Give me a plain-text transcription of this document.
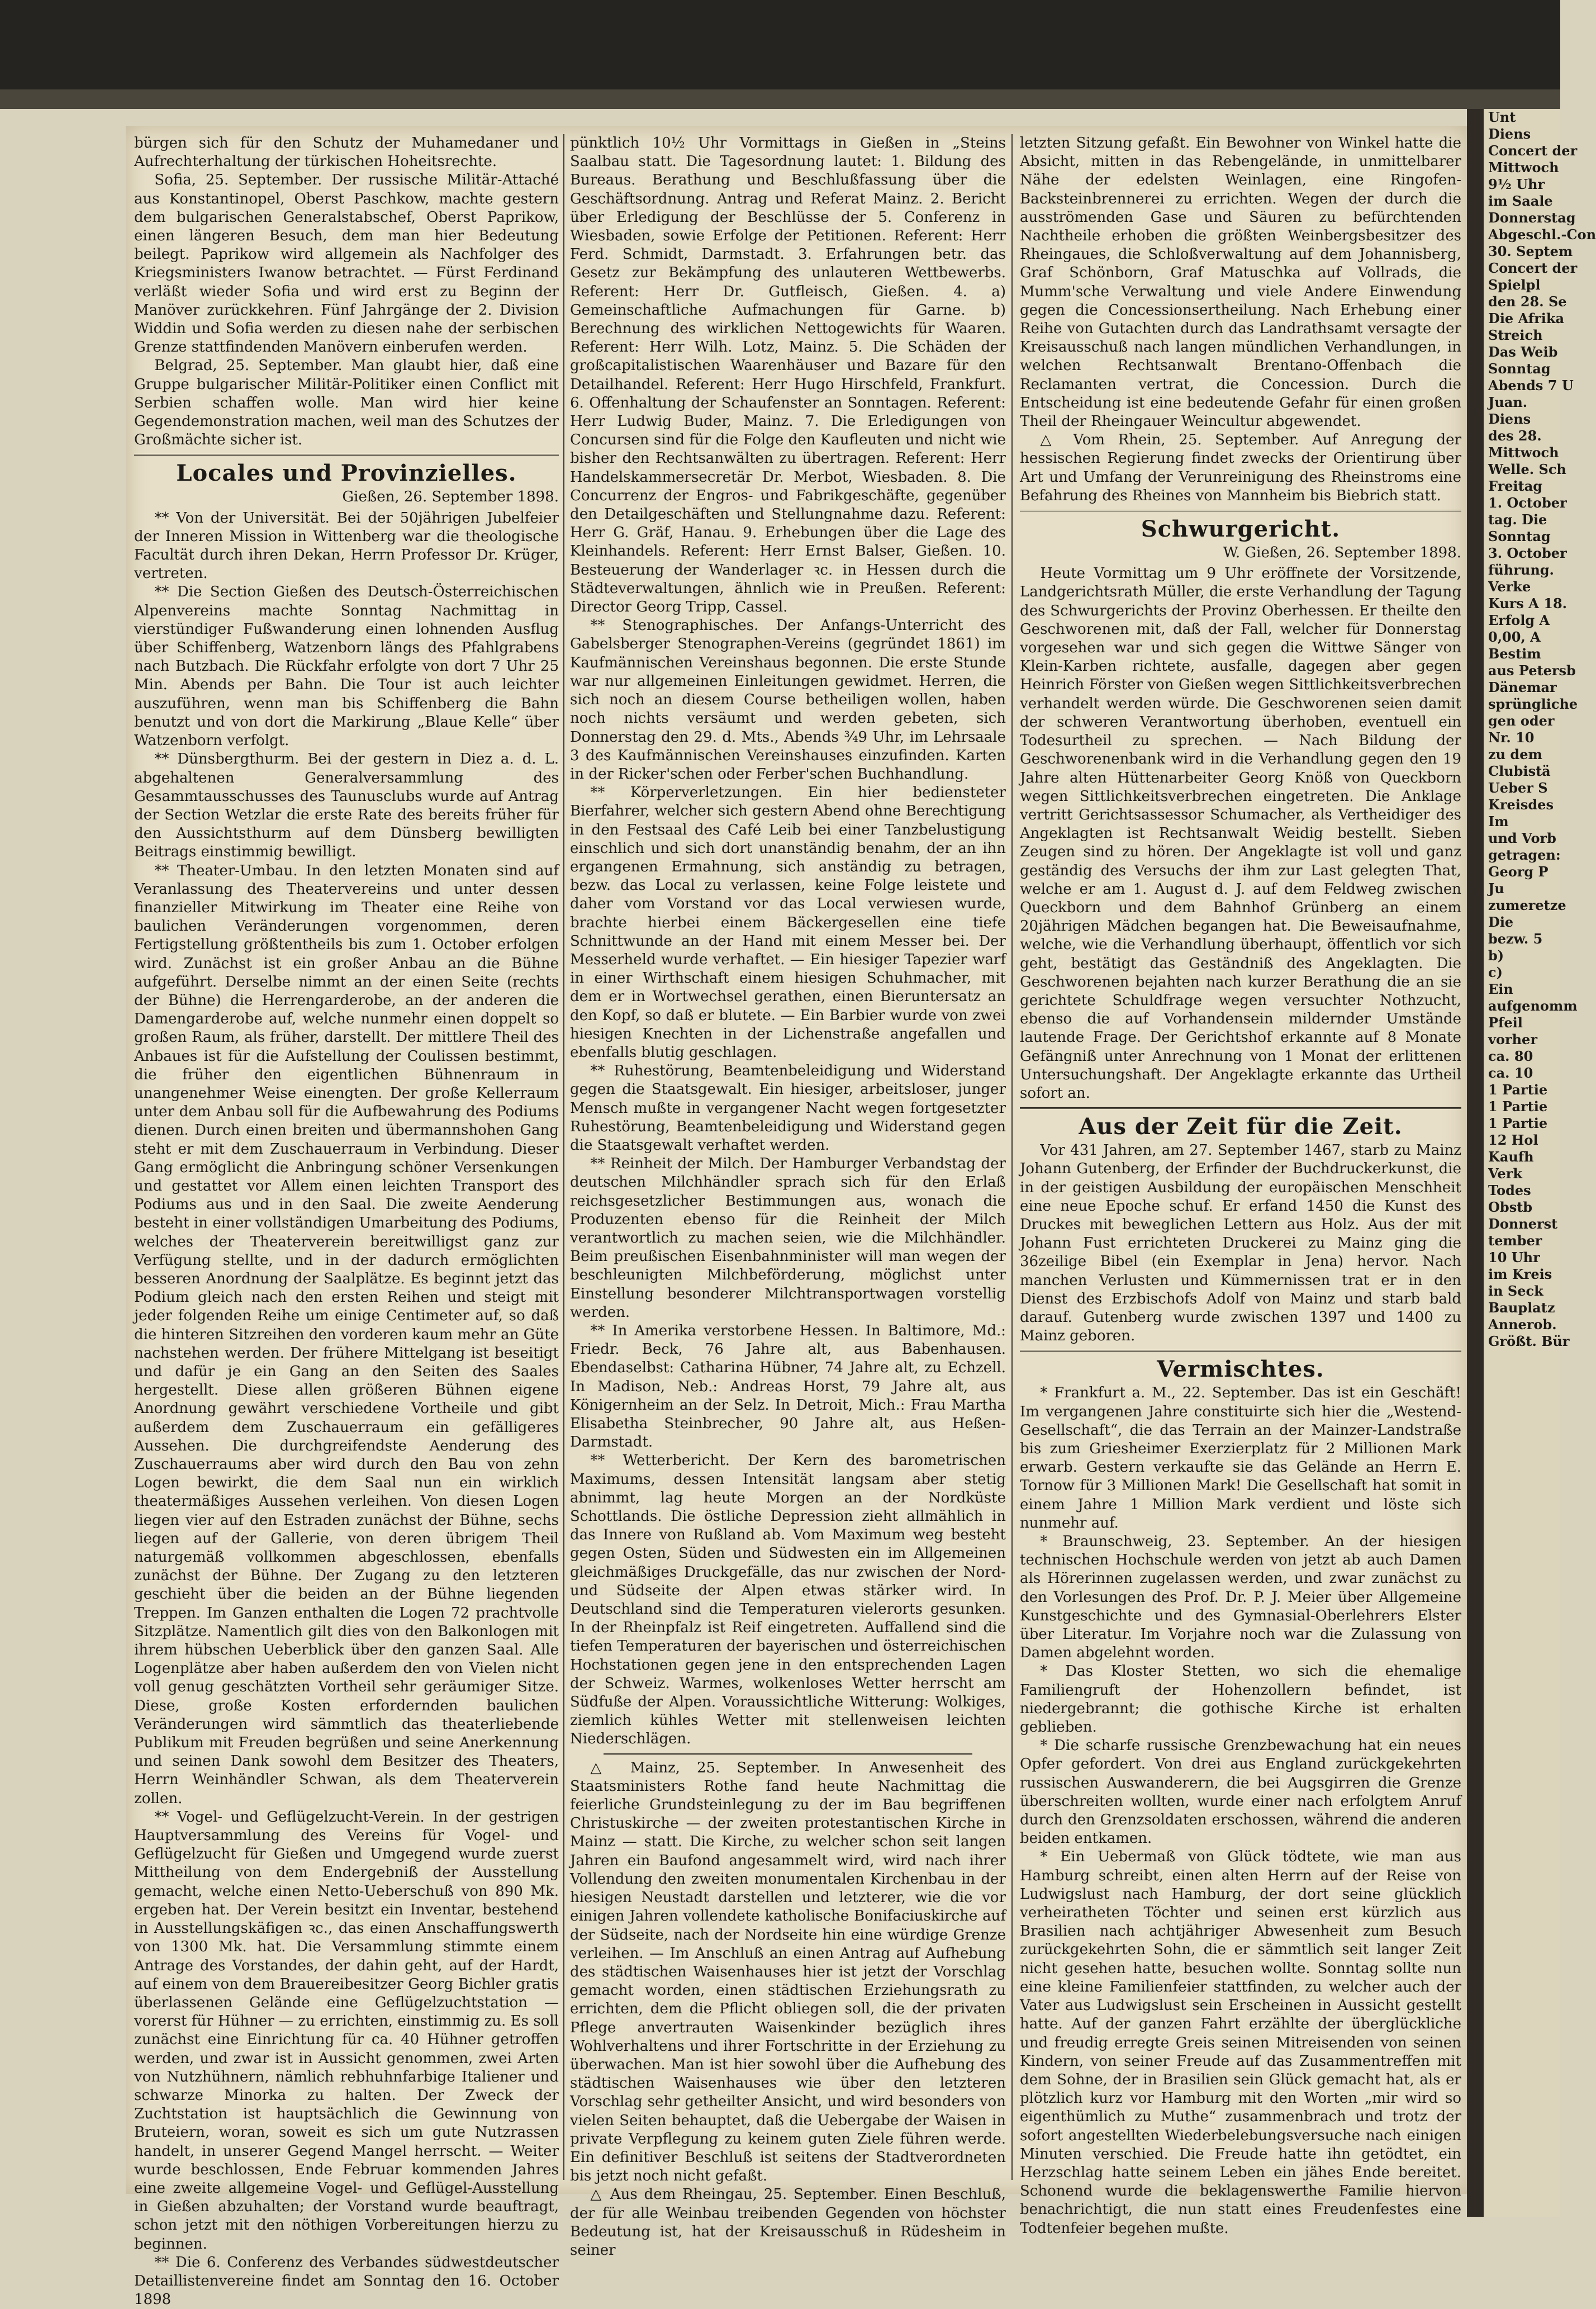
Unt
Diens
Concert der
Mittwoch
9½ Uhr
im Saale
Donnerstag
Abgeschl.-Con
30. Septem
Concert der
Spielpl
den 28. Se
Die Afrika
Streich
Das Weib
Sonntag
Abends 7 U
Juan.
Diens
des 28.
Mittwoch
Welle. Sch
Freitag
1. October
tag. Die
Sonntag
3. October
führung.
Verke
Kurs A 18.
Erfolg A
0,00, A
Bestim
aus Petersb
Dänemar
sprüngliche
gen oder
Nr. 10
zu dem
Clubistä
Ueber S
Kreisdes
Im
und Vorb
getragen:
Georg P
Ju
zumeretze
Die
bezw. 5
b)
c)
Ein
aufgenomm
Pfeil
vorher
ca. 80
ca. 10
1 Partie
1 Partie
1 Partie
12 Hol
Kaufh
Verk
Todes
Obstb
Donnerst
tember
10 Uhr
im Kreis
in Seck
Bauplatz
Annerob.
Größt. Bür

bürgen sich für den Schutz der Muhamedaner und Aufrechterhaltung der türkischen Hoheitsrechte.

Sofia, 25. September. Der russische Militär-Attaché aus Konstantinopel, Oberst Paschkow, machte gestern dem bulgarischen Generalstabschef, Oberst Paprikow, einen längeren Besuch, dem man hier Bedeutung beilegt. Paprikow wird allgemein als Nachfolger des Kriegsministers Iwanow betrachtet. — Fürst Ferdinand verläßt wieder Sofia und wird erst zu Beginn der Manöver zurückkehren. Fünf Jahrgänge der 2. Division Widdin und Sofia werden zu diesen nahe der serbischen Grenze stattfindenden Manövern einberufen werden.

Belgrad, 25. September. Man glaubt hier, daß eine Gruppe bulgarischer Militär-Politiker einen Conflict mit Serbien schaffen wolle. Man wird hier keine Gegendemonstration machen, weil man des Schutzes der Großmächte sicher ist.

Locales und Provinzielles.
Gießen, 26. September 1898.

** Von der Universität. Bei der 50jährigen Jubelfeier der Inneren Mission in Wittenberg war die theologische Facultät durch ihren Dekan, Herrn Professor Dr. Krüger, vertreten.

** Die Section Gießen des Deutsch-Österreichischen Alpenvereins machte Sonntag Nachmittag in vierstündiger Fußwanderung einen lohnenden Ausflug über Schiffenberg, Watzenborn längs des Pfahlgrabens nach Butzbach. Die Rückfahr erfolgte von dort 7 Uhr 25 Min. Abends per Bahn. Die Tour ist auch leichter auszuführen, wenn man bis Schiffenberg die Bahn benutzt und von dort die Markirung „Blaue Kelle“ über Watzenborn verfolgt.

** Dünsbergthurm. Bei der gestern in Diez a. d. L. abgehaltenen Generalversammlung des Gesammtausschusses des Taunusclubs wurde auf Antrag der Section Wetzlar die erste Rate des bereits früher für den Aussichtsthurm auf dem Dünsberg bewilligten Beitrags einstimmig bewilligt.

** Theater-Umbau. In den letzten Monaten sind auf Veranlassung des Theatervereins und unter dessen finanzieller Mitwirkung im Theater eine Reihe von baulichen Veränderungen vorgenommen, deren Fertigstellung größtentheils bis zum 1. October erfolgen wird. Zunächst ist ein großer Anbau an die Bühne aufgeführt. Derselbe nimmt an der einen Seite (rechts der Bühne) die Herrengarderobe, an der anderen die Damengarderobe auf, welche nunmehr einen doppelt so großen Raum, als früher, darstellt. Der mittlere Theil des Anbaues ist für die Aufstellung der Coulissen bestimmt, die früher den eigentlichen Bühnenraum in unangenehmer Weise einengten. Der große Kellerraum unter dem Anbau soll für die Aufbewahrung des Podiums dienen. Durch einen breiten und übermannshohen Gang steht er mit dem Zuschauerraum in Verbindung. Dieser Gang ermöglicht die Anbringung schöner Versenkungen und gestattet vor Allem einen leichten Transport des Podiums aus und in den Saal. Die zweite Aenderung besteht in einer vollständigen Umarbeitung des Podiums, welches der Theaterverein bereitwilligst ganz zur Verfügung stellte, und in der dadurch ermöglichten besseren Anordnung der Saalplätze. Es beginnt jetzt das Podium gleich nach den ersten Reihen und steigt mit jeder folgenden Reihe um einige Centimeter auf, so daß die hinteren Sitzreihen den vorderen kaum mehr an Güte nachstehen werden. Der frühere Mittelgang ist beseitigt und dafür je ein Gang an den Seiten des Saales hergestellt. Diese allen größeren Bühnen eigene Anordnung gewährt verschiedene Vortheile und gibt außerdem dem Zuschauerraum ein gefälligeres Aussehen. Die durchgreifendste Aenderung des Zuschauerraums aber wird durch den Bau von zehn Logen bewirkt, die dem Saal nun ein wirklich theatermäßiges Aussehen verleihen. Von diesen Logen liegen vier auf den Estraden zunächst der Bühne, sechs liegen auf der Gallerie, von deren übrigem Theil naturgemäß vollkommen abgeschlossen, ebenfalls zunächst der Bühne. Der Zugang zu den letzteren geschieht über die beiden an der Bühne liegenden Treppen. Im Ganzen enthalten die Logen 72 prachtvolle Sitzplätze. Namentlich gilt dies von den Balkonlogen mit ihrem hübschen Ueberblick über den ganzen Saal. Alle Logenplätze aber haben außerdem den von Vielen nicht voll genug geschätzten Vortheil sehr geräumiger Sitze. Diese, große Kosten erfordernden baulichen Veränderungen wird sämmtlich das theaterliebende Publikum mit Freuden begrüßen und seine Anerkennung und seinen Dank sowohl dem Besitzer des Theaters, Herrn Weinhändler Schwan, als dem Theaterverein zollen.

** Vogel- und Geflügelzucht-Verein. In der gestrigen Hauptversammlung des Vereins für Vogel- und Geflügelzucht für Gießen und Umgegend wurde zuerst Mittheilung von dem Endergebniß der Ausstellung gemacht, welche einen Netto-Ueberschuß von 890 Mk. ergeben hat. Der Verein besitzt ein Inventar, bestehend in Ausstellungskäfigen ꝛc., das einen Anschaffungswerth von 1300 Mk. hat. Die Versammlung stimmte einem Antrage des Vorstandes, der dahin geht, auf der Hardt, auf einem von dem Brauereibesitzer Georg Bichler gratis überlassenen Gelände eine Geflügelzuchtstation — vorerst für Hühner — zu errichten, einstimmig zu. Es soll zunächst eine Einrichtung für ca. 40 Hühner getroffen werden, und zwar ist in Aussicht genommen, zwei Arten von Nutzhühnern, nämlich rebhuhnfarbige Italiener und schwarze Minorka zu halten. Der Zweck der Zuchtstation ist hauptsächlich die Gewinnung von Bruteiern, woran, soweit es sich um gute Nutzrassen handelt, in unserer Gegend Mangel herrscht. — Weiter wurde beschlossen, Ende Februar kommenden Jahres eine zweite allgemeine Vogel- und Geflügel-Ausstellung in Gießen abzuhalten; der Vorstand wurde beauftragt, schon jetzt mit den nöthigen Vorbereitungen hierzu zu beginnen.

** Die 6. Conferenz des Verbandes südwestdeutscher Detaillistenvereine findet am Sonntag den 16. October 1898

pünktlich 10½ Uhr Vormittags in Gießen in „Steins Saalbau statt. Die Tagesordnung lautet: 1. Bildung des Bureaus. Berathung und Beschlußfassung über die Geschäftsordnung. Antrag und Referat Mainz. 2. Bericht über Erledigung der Beschlüsse der 5. Conferenz in Wiesbaden, sowie Erfolge der Petitionen. Referent: Herr Ferd. Schmidt, Darmstadt. 3. Erfahrungen betr. das Gesetz zur Bekämpfung des unlauteren Wettbewerbs. Referent: Herr Dr. Gutfleisch, Gießen. 4. a) Gemeinschaftliche Aufmachungen für Garne. b) Berechnung des wirklichen Nettogewichts für Waaren. Referent: Herr Wilh. Lotz, Mainz. 5. Die Schäden der großcapitalistischen Waarenhäuser und Bazare für den Detailhandel. Referent: Herr Hugo Hirschfeld, Frankfurt. 6. Offenhaltung der Schaufenster an Sonntagen. Referent: Herr Ludwig Buder, Mainz. 7. Die Erledigungen von Concursen sind für die Folge den Kaufleuten und nicht wie bisher den Rechtsanwälten zu übertragen. Referent: Herr Handelskammersecretär Dr. Merbot, Wiesbaden. 8. Die Concurrenz der Engros- und Fabrikgeschäfte, gegenüber den Detailgeschäften und Stellungnahme dazu. Referent: Herr G. Gräf, Hanau. 9. Erhebungen über die Lage des Kleinhandels. Referent: Herr Ernst Balser, Gießen. 10. Besteuerung der Wanderlager ꝛc. in Hessen durch die Städteverwaltungen, ähnlich wie in Preußen. Referent: Director Georg Tripp, Cassel.

** Stenographisches. Der Anfangs-Unterricht des Gabelsberger Stenographen-Vereins (gegründet 1861) im Kaufmännischen Vereinshaus begonnen. Die erste Stunde war nur allgemeinen Einleitungen gewidmet. Herren, die sich noch an diesem Course betheiligen wollen, haben noch nichts versäumt und werden gebeten, sich Donnerstag den 29. d. Mts., Abends ¾9 Uhr, im Lehrsaale 3 des Kaufmännischen Vereinshauses einzufinden. Karten in der Ricker'schen oder Ferber'schen Buchhandlung.

** Körperverletzungen. Ein hier bediensteter Bierfahrer, welcher sich gestern Abend ohne Berechtigung in den Festsaal des Café Leib bei einer Tanzbelustigung einschlich und sich dort unanständig benahm, der an ihn ergangenen Ermahnung, sich anständig zu betragen, bezw. das Local zu verlassen, keine Folge leistete und daher vom Vorstand vor das Local verwiesen wurde, brachte hierbei einem Bäckergesellen eine tiefe Schnittwunde an der Hand mit einem Messer bei. Der Messerheld wurde verhaftet. — Ein hiesiger Tapezier warf in einer Wirthschaft einem hiesigen Schuhmacher, mit dem er in Wortwechsel gerathen, einen Bieruntersatz an den Kopf, so daß er blutete. — Ein Barbier wurde von zwei hiesigen Knechten in der Lichenstraße angefallen und ebenfalls blutig geschlagen.

** Ruhestörung, Beamtenbeleidigung und Widerstand gegen die Staatsgewalt. Ein hiesiger, arbeitsloser, junger Mensch mußte in vergangener Nacht wegen fortgesetzter Ruhestörung, Beamtenbeleidigung und Widerstand gegen die Staatsgewalt verhaftet werden.

** Reinheit der Milch. Der Hamburger Verbandstag der deutschen Milchhändler sprach sich für den Erlaß reichsgesetzlicher Bestimmungen aus, wonach die Produzenten ebenso für die Reinheit der Milch verantwortlich zu machen seien, wie die Milchhändler. Beim preußischen Eisenbahnminister will man wegen der beschleunigten Milchbeförderung, möglichst unter Einstellung besonderer Milchtransportwagen vorstellig werden.

** In Amerika verstorbene Hessen. In Baltimore, Md.: Friedr. Beck, 76 Jahre alt, aus Babenhausen. Ebendaselbst: Catharina Hübner, 74 Jahre alt, zu Echzell. In Madison, Neb.: Andreas Horst, 79 Jahre alt, aus Königernheim an der Selz. In Detroit, Mich.: Frau Martha Elisabetha Steinbrecher, 90 Jahre alt, aus Heßen-Darmstadt.

** Wetterbericht. Der Kern des barometrischen Maximums, dessen Intensität langsam aber stetig abnimmt, lag heute Morgen an der Nordküste Schottlands. Die östliche Depression zieht allmählich in das Innere von Rußland ab. Vom Maximum weg besteht gegen Osten, Süden und Südwesten ein im Allgemeinen gleichmäßiges Druckgefälle, das nur zwischen der Nord- und Südseite der Alpen etwas stärker wird. In Deutschland sind die Temperaturen vielerorts gesunken. In der Rheinpfalz ist Reif eingetreten. Auffallend sind die tiefen Temperaturen der bayerischen und österreichischen Hochstationen gegen jene in den entsprechenden Lagen der Schweiz. Warmes, wolkenloses Wetter herrscht am Südfuße der Alpen. Voraussichtliche Witterung: Wolkiges, ziemlich kühles Wetter mit stellenweisen leichten Niederschlägen.

△ Mainz, 25. September. In Anwesenheit des Staatsministers Rothe fand heute Nachmittag die feierliche Grundsteinlegung zu der im Bau begriffenen Christuskirche — der zweiten protestantischen Kirche in Mainz — statt. Die Kirche, zu welcher schon seit langen Jahren ein Baufond angesammelt wird, wird nach ihrer Vollendung den zweiten monumentalen Kirchenbau in der hiesigen Neustadt darstellen und letzterer, wie die vor einigen Jahren vollendete katholische Bonifaciuskirche auf der Südseite, nach der Nordseite hin eine würdige Grenze verleihen. — Im Anschluß an einen Antrag auf Aufhebung des städtischen Waisenhauses hier ist jetzt der Vorschlag gemacht worden, einen städtischen Erziehungsrath zu errichten, dem die Pflicht obliegen soll, die der privaten Pflege anvertrauten Waisenkinder bezüglich ihres Wohlverhaltens und ihrer Fortschritte in der Erziehung zu überwachen. Man ist hier sowohl über die Aufhebung des städtischen Waisenhauses wie über den letzteren Vorschlag sehr getheilter Ansicht, und wird besonders von vielen Seiten behauptet, daß die Uebergabe der Waisen in private Verpflegung zu keinem guten Ziele führen werde. Ein definitiver Beschluß ist seitens der Stadtverordneten bis jetzt noch nicht gefaßt.

△ Aus dem Rheingau, 25. September. Einen Beschluß, der für alle Weinbau treibenden Gegenden von höchster Bedeutung ist, hat der Kreisausschuß in Rüdesheim in seiner

letzten Sitzung gefaßt. Ein Bewohner von Winkel hatte die Absicht, mitten in das Rebengelände, in unmittelbarer Nähe der edelsten Weinlagen, eine Ringofen-Backsteinbrennerei zu errichten. Wegen der durch die ausströmenden Gase und Säuren zu befürchtenden Nachtheile erhoben die größten Weinbergsbesitzer des Rheingaues, die Schloßverwaltung auf dem Johannisberg, Graf Schönborn, Graf Matuschka auf Vollrads, die Mumm'sche Verwaltung und viele Andere Einwendung gegen die Concessionsertheilung. Nach Erhebung einer Reihe von Gutachten durch das Landrathsamt versagte der Kreisausschuß nach langen mündlichen Verhandlungen, in welchen Rechtsanwalt Brentano-Offenbach die Reclamanten vertrat, die Concession. Durch die Entscheidung ist eine bedeutende Gefahr für einen großen Theil der Rheingauer Weincultur abgewendet.

△ Vom Rhein, 25. September. Auf Anregung der hessischen Regierung findet zwecks der Orientirung über Art und Umfang der Verunreinigung des Rheinstroms eine Befahrung des Rheines von Mannheim bis Biebrich statt.

Schwurgericht.
W. Gießen, 26. September 1898.

Heute Vormittag um 9 Uhr eröffnete der Vorsitzende, Landgerichtsrath Müller, die erste Verhandlung der Tagung des Schwurgerichts der Provinz Oberhessen. Er theilte den Geschworenen mit, daß der Fall, welcher für Donnerstag vorgesehen war und sich gegen die Wittwe Sänger von Klein-Karben richtete, ausfalle, dagegen aber gegen Heinrich Förster von Gießen wegen Sittlichkeitsverbrechen verhandelt werden würde. Die Geschworenen seien damit der schweren Verantwortung überhoben, eventuell ein Todesurtheil zu sprechen. — Nach Bildung der Geschworenenbank wird in die Verhandlung gegen den 19 Jahre alten Hüttenarbeiter Georg Knöß von Queckborn wegen Sittlichkeitsverbrechen eingetreten. Die Anklage vertritt Gerichtsassessor Schumacher, als Vertheidiger des Angeklagten ist Rechtsanwalt Weidig bestellt. Sieben Zeugen sind zu hören. Der Angeklagte ist voll und ganz geständig des Versuchs der ihm zur Last gelegten That, welche er am 1. August d. J. auf dem Feldweg zwischen Queckborn und dem Bahnhof Grünberg an einem 20jährigen Mädchen begangen hat. Die Beweisaufnahme, welche, wie die Verhandlung überhaupt, öffentlich vor sich geht, bestätigt das Geständniß des Angeklagten. Die Geschworenen bejahten nach kurzer Berathung die an sie gerichtete Schuldfrage wegen versuchter Nothzucht, ebenso die auf Vorhandensein mildernder Umstände lautende Frage. Der Gerichtshof erkannte auf 8 Monate Gefängniß unter Anrechnung von 1 Monat der erlittenen Untersuchungshaft. Der Angeklagte erkannte das Urtheil sofort an.

Aus der Zeit für die Zeit.

Vor 431 Jahren, am 27. September 1467, starb zu Mainz Johann Gutenberg, der Erfinder der Buchdruckerkunst, die in der geistigen Ausbildung der europäischen Menschheit eine neue Epoche schuf. Er erfand 1450 die Kunst des Druckes mit beweglichen Lettern aus Holz. Aus der mit Johann Fust errichteten Druckerei zu Mainz ging die 36zeilige Bibel (ein Exemplar in Jena) hervor. Nach manchen Verlusten und Kümmernissen trat er in den Dienst des Erzbischofs Adolf von Mainz und starb bald darauf. Gutenberg wurde zwischen 1397 und 1400 zu Mainz geboren.

Vermischtes.

* Frankfurt a. M., 22. September. Das ist ein Geschäft! Im vergangenen Jahre constituirte sich hier die „Westend-Gesellschaft“, die das Terrain an der Mainzer-Landstraße bis zum Griesheimer Exerzierplatz für 2 Millionen Mark erwarb. Gestern verkaufte sie das Gelände an Herrn E. Tornow für 3 Millionen Mark! Die Gesellschaft hat somit in einem Jahre 1 Million Mark verdient und löste sich nunmehr auf.

* Braunschweig, 23. September. An der hiesigen technischen Hochschule werden von jetzt ab auch Damen als Hörerinnen zugelassen werden, und zwar zunächst zu den Vorlesungen des Prof. Dr. P. J. Meier über Allgemeine Kunstgeschichte und des Gymnasial-Oberlehrers Elster über Literatur. Im Vorjahre noch war die Zulassung von Damen abgelehnt worden.

* Das Kloster Stetten, wo sich die ehemalige Familiengruft der Hohenzollern befindet, ist niedergebrannt; die gothische Kirche ist erhalten geblieben.

* Die scharfe russische Grenzbewachung hat ein neues Opfer gefordert. Von drei aus England zurückgekehrten russischen Auswanderern, die bei Augsgirren die Grenze überschreiten wollten, wurde einer nach erfolgtem Anruf durch den Grenzsoldaten erschossen, während die anderen beiden entkamen.

* Ein Uebermaß von Glück tödtete, wie man aus Hamburg schreibt, einen alten Herrn auf der Reise von Ludwigslust nach Hamburg, der dort seine glücklich verheiratheten Töchter und seinen erst kürzlich aus Brasilien nach achtjähriger Abwesenheit zum Besuch zurückgekehrten Sohn, die er sämmtlich seit langer Zeit nicht gesehen hatte, besuchen wollte. Sonntag sollte nun eine kleine Familienfeier stattfinden, zu welcher auch der Vater aus Ludwigslust sein Erscheinen in Aussicht gestellt hatte. Auf der ganzen Fahrt erzählte der überglückliche und freudig erregte Greis seinen Mitreisenden von seinen Kindern, von seiner Freude auf das Zusammentreffen mit dem Sohne, der in Brasilien sein Glück gemacht hat, als er plötzlich kurz vor Hamburg mit den Worten „mir wird so eigenthümlich zu Muthe“ zusammenbrach und trotz der sofort angestellten Wiederbelebungsversuche nach einigen Minuten verschied. Die Freude hatte ihn getödtet, ein Herzschlag hatte seinem Leben ein jähes Ende bereitet. Schonend wurde die beklagenswerthe Familie hiervon benachrichtigt, die nun statt eines Freudenfestes eine Todtenfeier begehen mußte.
